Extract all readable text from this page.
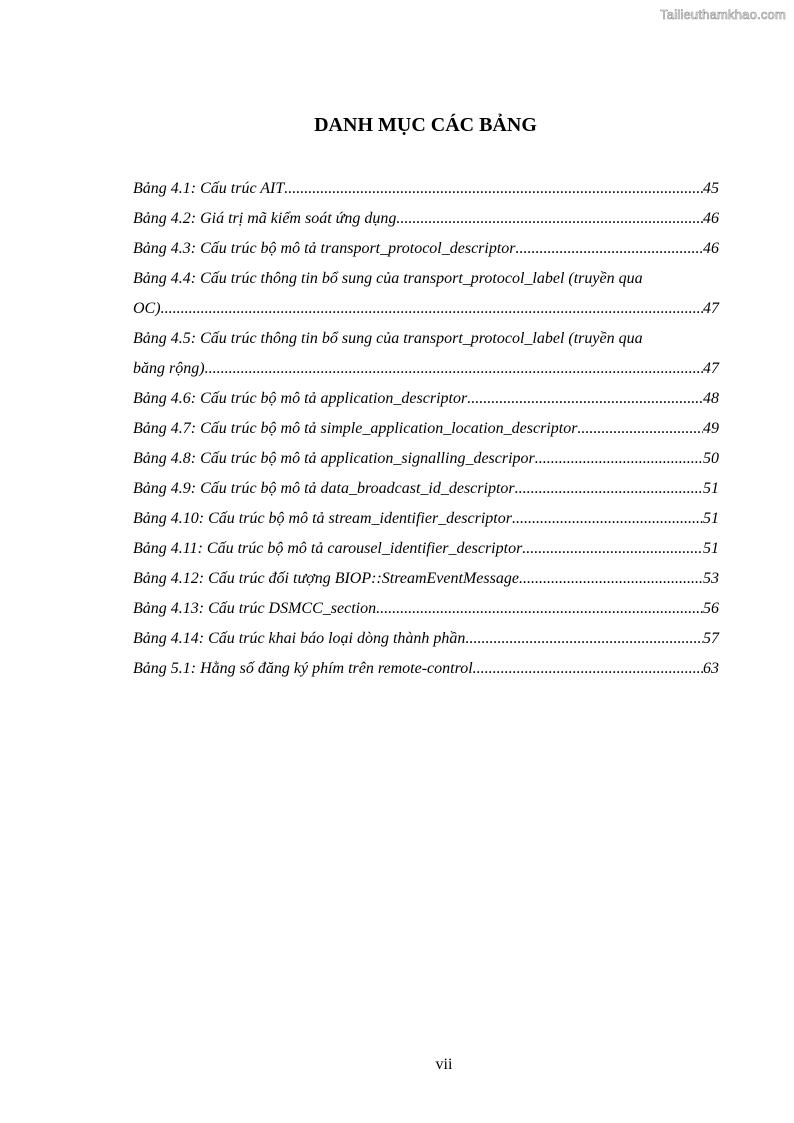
Tailieuthamkhao.com
DANH MỤC CÁC BẢNG
Bảng 4.1: Cấu trúc AIT .....	45
Bảng 4.2: Giá trị mã kiểm soát ứng dụng .....	46
Bảng 4.3: Cấu trúc bộ mô tả transport_protocol_descriptor .....	46
Bảng 4.4: Cấu trúc thông tin bổ sung của transport_protocol_label (truyền qua
OC) .....	47
Bảng 4.5: Cấu trúc thông tin bổ sung của transport_protocol_label (truyền qua
băng rộng) .....	47
Bảng 4.6: Cấu trúc bộ mô tả application_descriptor .....	48
Bảng 4.7: Cấu trúc bộ mô tả simple_application_location_descriptor .....	49
Bảng 4.8: Cấu trúc bộ mô tả application_signalling_descripor .....	50
Bảng 4.9: Cấu trúc bộ mô tả data_broadcast_id_descriptor .....	51
Bảng 4.10: Cấu trúc bộ mô tả stream_identifier_descriptor .....	51
Bảng 4.11: Cấu trúc bộ mô tả carousel_identifier_descriptor .....	51
Bảng 4.12: Cấu trúc đối tượng BIOP::StreamEventMessage .....	53
Bảng 4.13: Cấu trúc DSMCC_section .....	56
Bảng 4.14: Cấu trúc khai báo loại dòng thành phần .....	57
Bảng 5.1: Hằng số đăng ký phím trên remote-control .....	63
vii
